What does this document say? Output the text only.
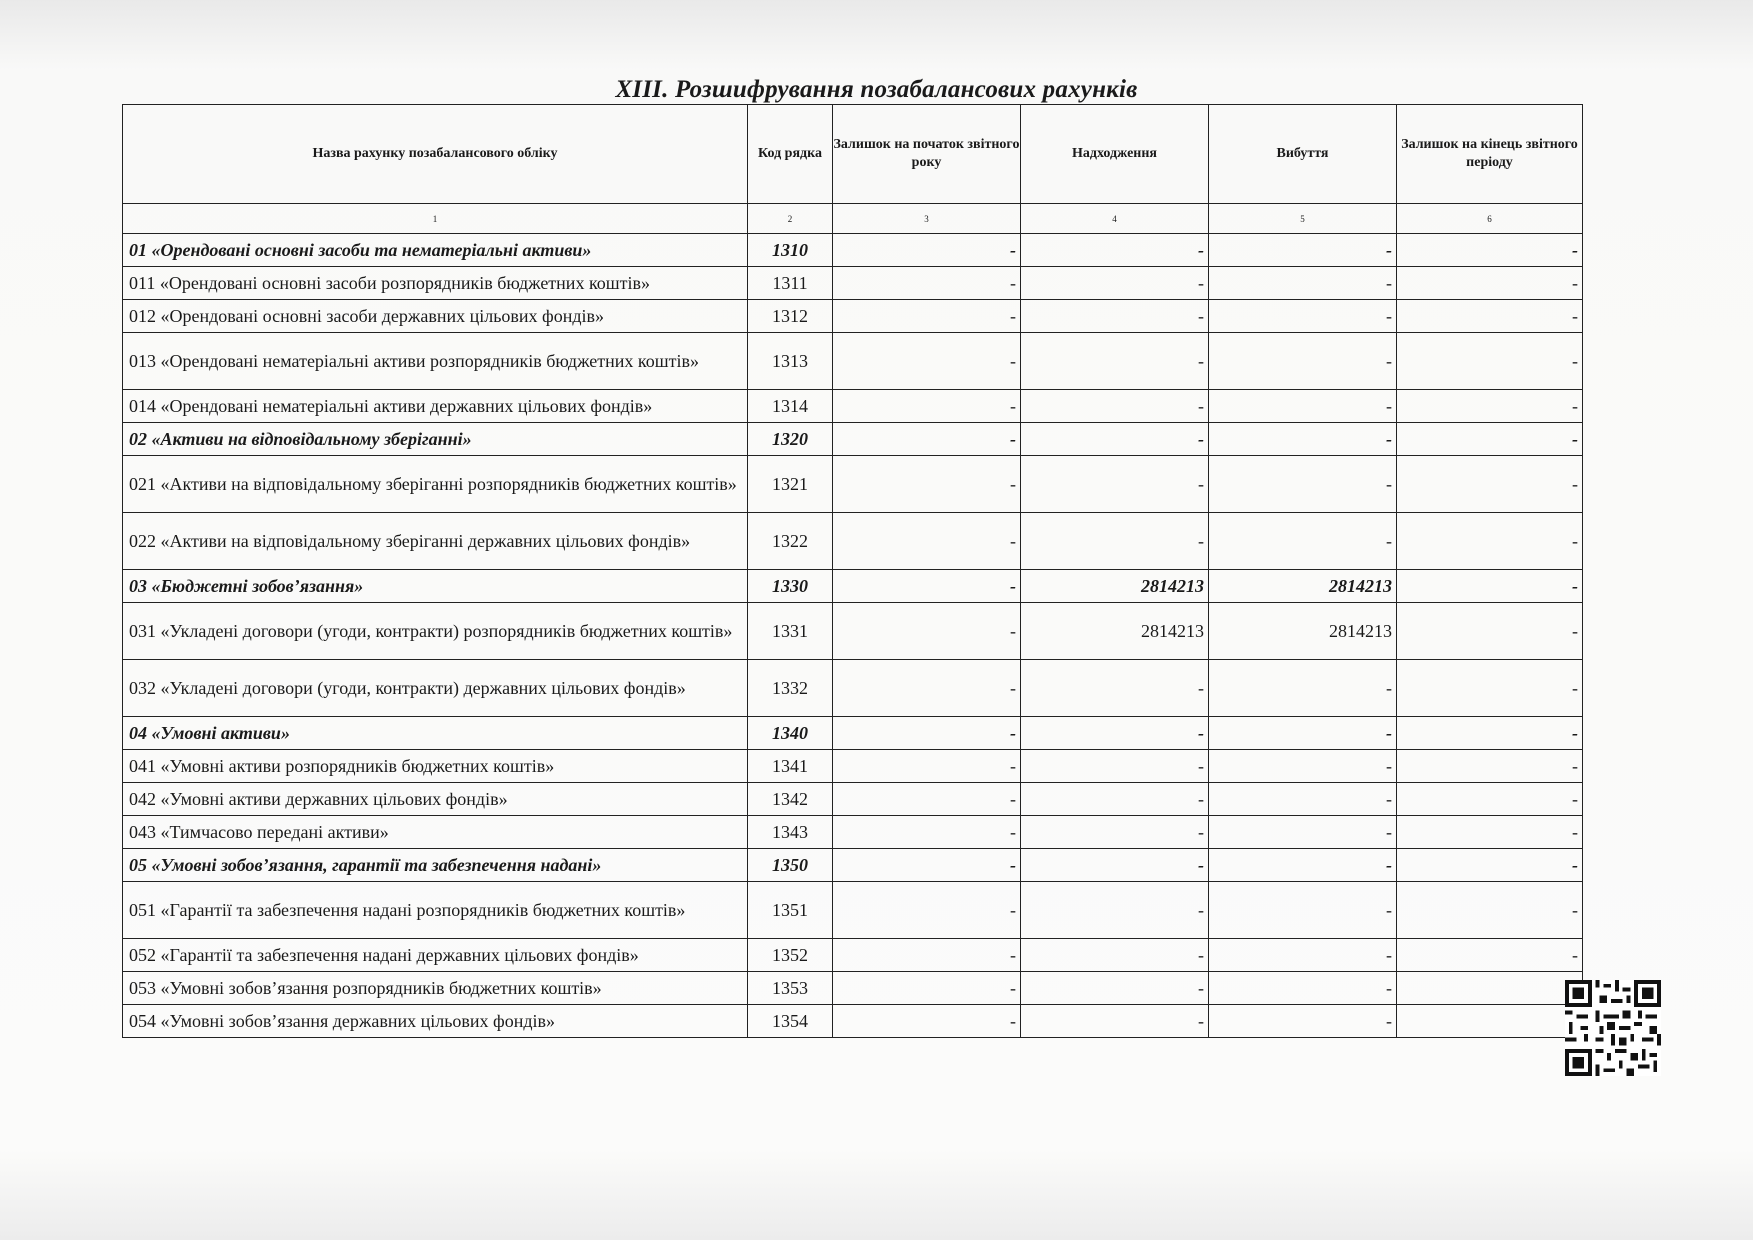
XIII. Розшифрування позабалансових рахунків
Назва рахунку позабалансового обліку	Код рядка	Залишок на початок звітного року	Надходження	Вибуття	Залишок на кінець звітного періоду
1	2	3	4	5	6
01 «Орендовані основні засоби та нематеріальні активи»	1310	-	-	-	-
011 «Орендовані основні засоби розпорядників бюджетних коштів»	1311	-	-	-	-
012 «Орендовані основні засоби державних цільових фондів»	1312	-	-	-	-
013 «Орендовані нематеріальні активи розпорядників бюджетних коштів»	1313	-	-	-	-
014 «Орендовані нематеріальні активи державних цільових фондів»	1314	-	-	-	-
02 «Активи на відповідальному зберіганні»	1320	-	-	-	-
021 «Активи на відповідальному зберіганні розпорядників бюджетних коштів»	1321	-	-	-	-
022 «Активи на відповідальному зберіганні державних цільових фондів»	1322	-	-	-	-
03 «Бюджетні зобов’язання»	1330	-	2814213	2814213	-
031 «Укладені договори (угоди, контракти) розпорядників бюджетних коштів»	1331	-	2814213	2814213	-
032 «Укладені договори (угоди, контракти) державних цільових фондів»	1332	-	-	-	-
04 «Умовні активи»	1340	-	-	-	-
041 «Умовні активи розпорядників бюджетних коштів»	1341	-	-	-	-
042 «Умовні активи державних цільових фондів»	1342	-	-	-	-
043 «Тимчасово передані активи»	1343	-	-	-	-
05 «Умовні зобов’язання, гарантії та забезпечення надані»	1350	-	-	-	-
051 «Гарантії та забезпечення надані розпорядників бюджетних коштів»	1351	-	-	-	-
052 «Гарантії та забезпечення надані державних цільових фондів»	1352	-	-	-	-
053 «Умовні зобов’язання розпорядників бюджетних коштів»	1353	-	-	-	
054 «Умовні зобов’язання державних цільових фондів»	1354	-	-	-	
